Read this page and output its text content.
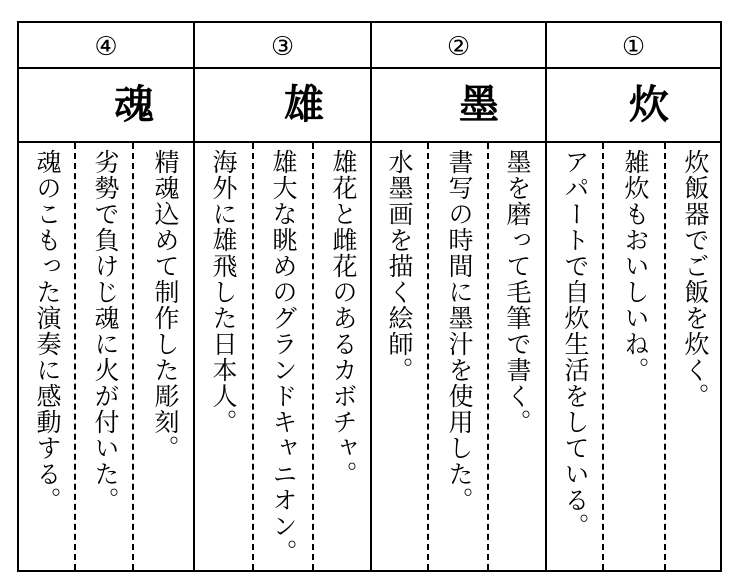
④
魂
魂のこもった演奏に感動する。 劣勢で負けじ魂に火が付いた。 精魂込めて制作した彫刻。
③
雄
海外に雄飛した日本人。 雄大な眺めのグランドキャニオン。 雄花と雌花のあるカボチャ。
②
墨
水墨画を描く絵師。 書写の時間に墨汁を使用した。 墨を磨って毛筆で書く。
①
炊
アパートで自炊生活をしている。 雑炊もおいしいね。 炊飯器でご飯を炊く。
